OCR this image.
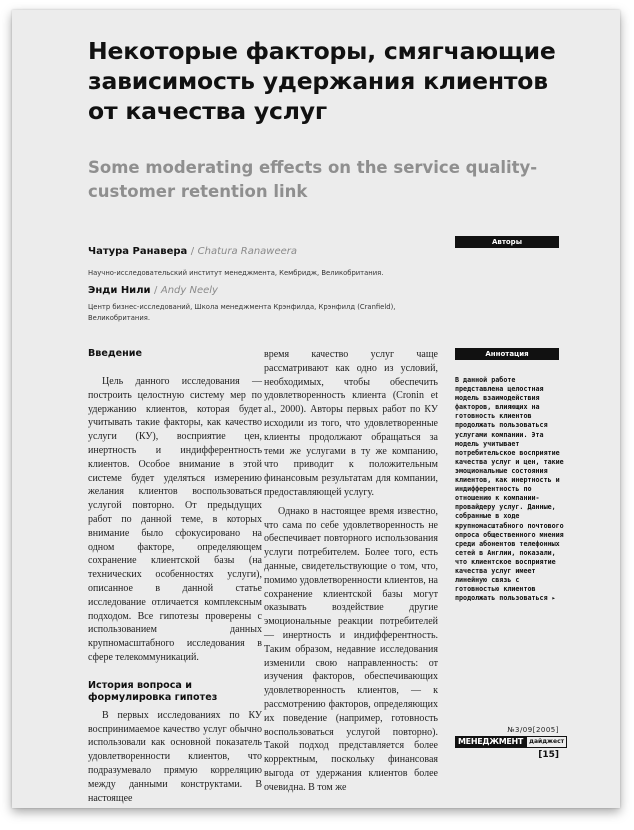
Некоторые факторы, смягчающие зависимость удержания клиентов от качества услуг
Some moderating effects on the service quality-customer retention link
Авторы
Чатура Ранавера / Chatura Ranaweera
Научно-исследовательский институт менеджмента, Кембридж, Великобритания.
Энди Нили / Andy Neely
Центр бизнес-исследований, Школа менеджмента Крэнфилда, Крэнфилд (Cranfield), Великобритания.
Введение

Цель данного исследования — построить целостную систему мер по удержанию клиентов, которая будет учитывать такие факторы, как качество услуги (КУ), восприятие цен, инертность и индифферентность клиентов. Особое внимание в этой системе будет уделяться измерению желания клиентов воспользоваться услугой повторно. От предыдущих работ по данной теме, в которых внимание было сфокусировано на одном факторе, определяющем сохранение клиентской базы (на технических особенностях услуги), описанное в данной статье исследование отличается комплексным подходом. Все гипотезы проверены с использованием данных крупномасштабного исследования в сфере телекоммуникаций.

История вопроса и формулировка гипотез

В первых исследованиях по КУ воспринимаемое качество услуг обычно использовали как основной показатель удовлетворенности клиентов, что подразумевало прямую корреляцию между данными конструктами. В настоящее

время качество услуг чаще рассматривают как одно из условий, необходимых, чтобы обеспечить удовлетворенность клиента (Cronin et al., 2000). Авторы первых работ по КУ исходили из того, что удовлетворенные клиенты продолжают обращаться за теми же услугами в ту же компанию, что приводит к положительным финансовым результатам для компании, предоставляющей услугу.

Однако в настоящее время известно, что сама по себе удовлетворенность не обеспечивает повторного использования услуги потребителем. Более того, есть данные, свидетельствующие о том, что, помимо удовлетворенности клиентов, на сохранение клиентской базы могут оказывать воздействие другие эмоциональные реакции потребителей — инертность и индифферентность. Таким образом, недавние исследования изменили свою направленность: от изучения факторов, обеспечивающих удовлетворенность клиентов, — к рассмотрению факторов, определяющих их поведение (например, готовность воспользоваться услугой повторно). Такой подход представляется более корректным, поскольку финансовая выгода от удержания клиентов более очевидна. В том же

Аннотация

В данной работе представлена целостная модель взаимодействия факторов, влияющих на готовность клиентов продолжать пользоваться услугами компании. Эта модель учитывает потребительское восприятие качества услуг и цен, такие эмоциональные состояния клиентов, как инертность и индифферентность по отношению к компании-провайдеру услуг. Данные, собранные в ходе крупномасштабного почтового опроса общественного мнения среди абонентов телефонных сетей в Англии, показали, что клиентское восприятие качества услуг имеет линейную связь с готовностью клиентов продолжать пользоваться ▸

№3/09[2005]
МЕНЕДЖМЕНТ	дайджест
[15]
